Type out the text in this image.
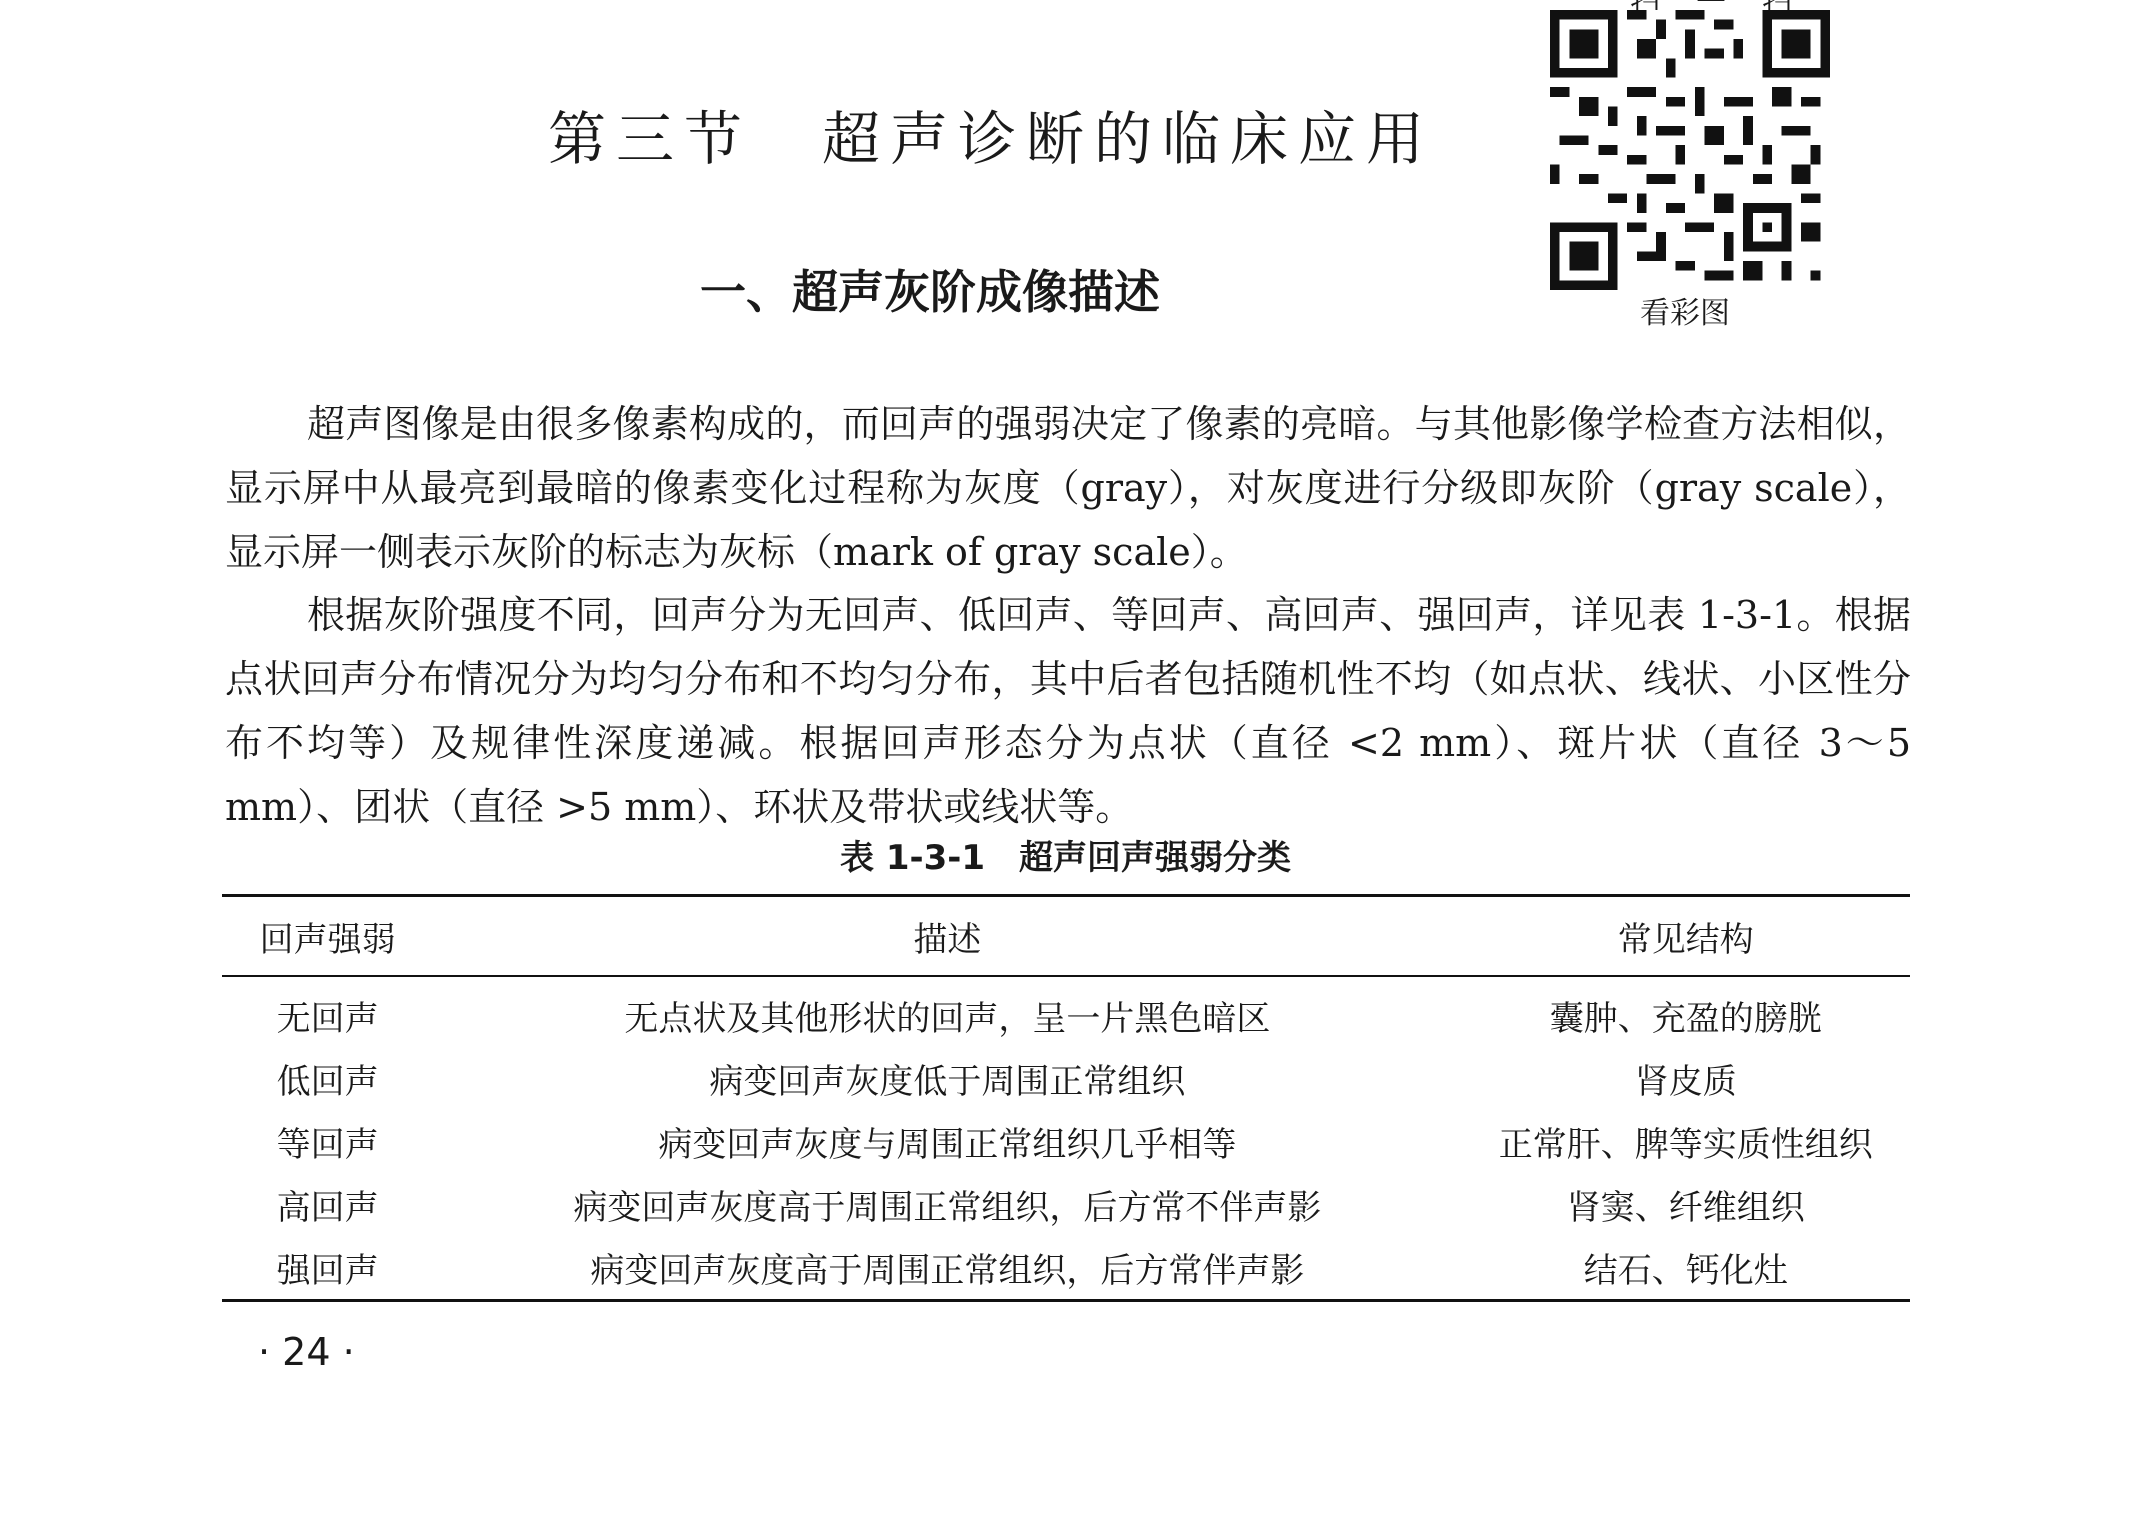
第三节 超声诊断的临床应用
看彩图
一、超声灰阶成像描述

超声图像是由很多像素构成的，而回声的强弱决定了像素的亮暗。与其他影像学检查方法相似，显示屏中从最亮到最暗的像素变化过程称为灰度（gray），对灰度进行分级即灰阶（gray scale），显示屏一侧表示灰阶的标志为灰标（mark of gray scale）。

根据灰阶强度不同，回声分为无回声、低回声、等回声、高回声、强回声，详见表 1-3-1。根据点状回声分布情况分为均匀分布和不均匀分布，其中后者包括随机性不均（如点状、线状、小区性分布不均等）及规律性深度递减。根据回声形态分为点状（直径 <2 mm）、斑片状（直径 3～5 mm）、团状（直径 >5 mm）、环状及带状或线状等。

表 1-3-1　超声回声强弱分类
回声强弱	描述	常见结构
无回声	无点状及其他形状的回声，呈一片黑色暗区	囊肿、充盈的膀胱
低回声	病变回声灰度低于周围正常组织	肾皮质
等回声	病变回声灰度与周围正常组织几乎相等	正常肝、脾等实质性组织
高回声	病变回声灰度高于周围正常组织，后方常不伴声影	肾窦、纤维组织
强回声	病变回声灰度高于周围正常组织，后方常伴声影	结石、钙化灶
· 24 ·
